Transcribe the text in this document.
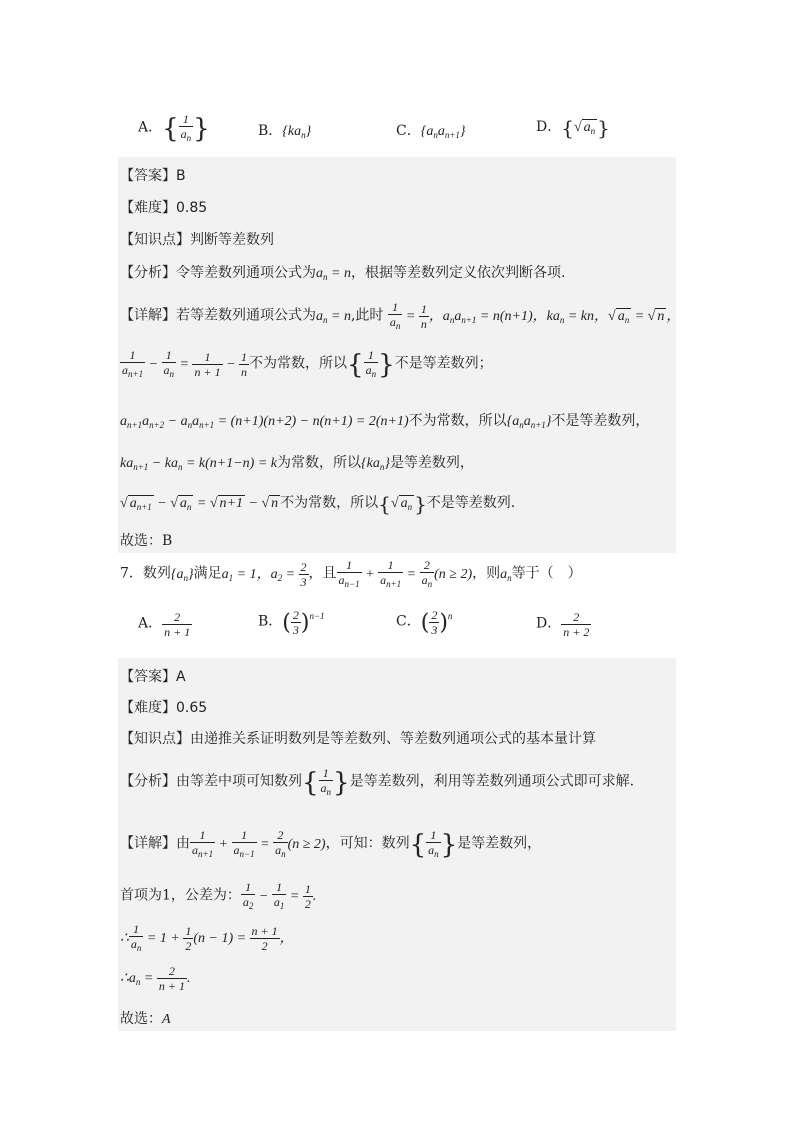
A．{ $\frac{1}{a_n}$ }	B．$\{ka_n\}$	C．$\{a_na_{n+1}\}$	D．{√ $a_n$ }
【答案】B
【难度】0.85
【知识点】判断等差数列
【分析】令等差数列通项公式为$a_n = n$，根据等差数列定义依次判断各项.
【详解】若等差数列通项公式为$a_n = n$,此时 $\frac{1}{a_n} = \frac{1}{n}$ ，$a_na_{n+1} = n(n+1)$，$ka_n$ = kn，√ $a_n$ = √ n ，
$\frac{1}{a_{n+1}} - \frac{1}{a_n} = \frac{1}{n + 1} - \frac{1}{n}$ 不为常数，所以{ $\frac{1}{a_n}$ }不是等差数列；
$a_{n+1}a_{n+2} - a_na_{n+1} = (n+1)(n+2) - n(n+1) = 2(n+1)$不为常数，所以$\{a_na_{n+1}\}$不是等差数列，
$ka_{n+1} - ka_n = k(n+1-n) = k$为常数，所以$\{ka_n\}$是等差数列，
√ $a_{n+1}$ − √ $a_n$ = √ n+1 − √ n 不为常数，所以{√ $a_n$ }不是等差数列.
故选：B
7．数列$\{a_n\}$满足$a_1 = 1$，$a_2 = \frac{2}{3}$ ，且 $\frac{1}{a_{n-1}} + \frac{1}{a_{n+1}} = \frac{2}{a_n} (n \ge 2)$，则$a_n$等于（　）
A． $\frac{2}{n + 1}$	B．( $\frac{2}{3} )^{n-1}$	C．( $\frac{2}{3} )^n$	D． $\frac{2}{n + 2}$
【答案】A
【难度】0.65
【知识点】由递推关系证明数列是等差数列、等差数列通项公式的基本量计算
【分析】由等差中项可知数列{ $\frac{1}{a_n}$ }是等差数列，利用等差数列通项公式即可求解.
【详解】由 $\frac{1}{a_{n+1}} + \frac{1}{a_{n-1}} = \frac{2}{a_n} (n \ge 2)$，可知：数列{ $\frac{1}{a_n}$ }是等差数列，
首项为1，公差为： $\frac{1}{a_2} - \frac{1}{a_1} = \frac{1}{2}$ .
∴ $\frac{1}{a_n} = 1 + \frac{1}{2} (n - 1) = \frac{n + 1}{2}$ ，
$\therefore a_n = \frac{2}{n + 1}$ .
故选：A
